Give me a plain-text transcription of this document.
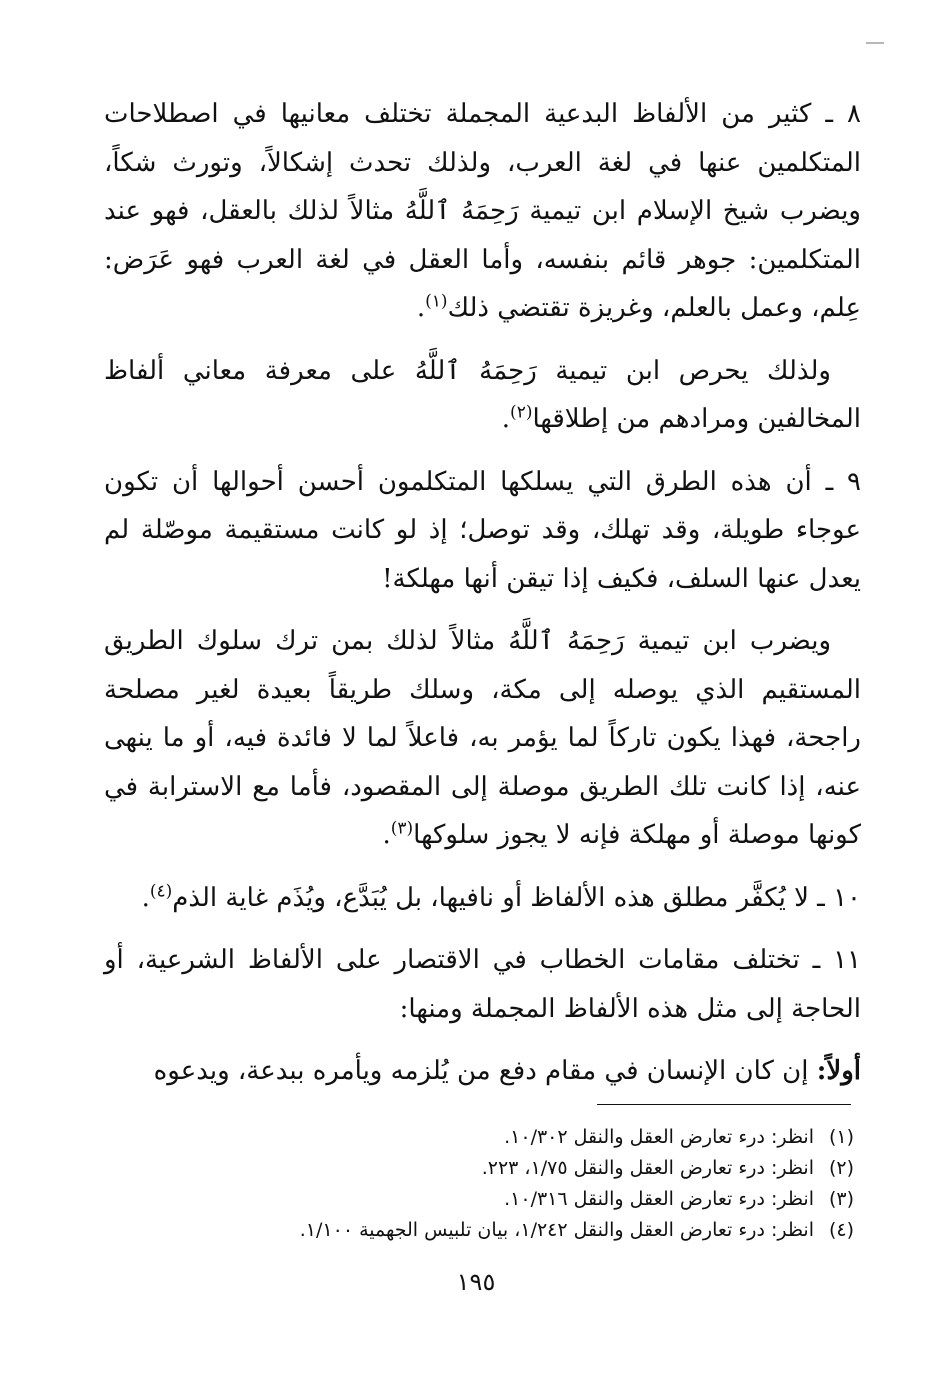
٨ ـ كثير من الألفاظ البدعية المجملة تختلف معانيها في اصطلاحات المتكلمين عنها في لغة العرب، ولذلك تحدث إشكالاً، وتورث شكاً، ويضرب شيخ الإسلام ابن تيمية رَحِمَهُ ٱللَّهُ مثالاً لذلك بالعقل، فهو عند المتكلمين: جوهر قائم بنفسه، وأما العقل في لغة العرب فهو عَرَض: عِلم، وعمل بالعلم، وغريزة تقتضي ذلك$^{(١)}$.

ولذلك يحرص ابن تيمية رَحِمَهُ ٱللَّهُ على معرفة معاني ألفاظ المخالفين ومرادهم من إطلاقها$^{(٢)}$.

٩ ـ أن هذه الطرق التي يسلكها المتكلمون أحسن أحوالها أن تكون عوجاء طويلة، وقد تهلك، وقد توصل؛ إذ لو كانت مستقيمة موصّلة لم يعدل عنها السلف، فكيف إذا تيقن أنها مهلكة!

ويضرب ابن تيمية رَحِمَهُ ٱللَّهُ مثالاً لذلك بمن ترك سلوك الطريق المستقيم الذي يوصله إلى مكة، وسلك طريقاً بعيدة لغير مصلحة راجحة، فهذا يكون تاركاً لما يؤمر به، فاعلاً لما لا فائدة فيه، أو ما ينهى عنه، إذا كانت تلك الطريق موصلة إلى المقصود، فأما مع الاسترابة في كونها موصلة أو مهلكة فإنه لا يجوز سلوكها$^{(٣)}$.

١٠ ـ لا يُكفَّر مطلق هذه الألفاظ أو نافيها، بل يُبَدَّع، ويُذَم غاية الذم$^{(٤)}$.

١١ ـ تختلف مقامات الخطاب في الاقتصار على الألفاظ الشرعية، أو الحاجة إلى مثل هذه الألفاظ المجملة ومنها:

أولاً: إن كان الإنسان في مقام دفع من يُلزمه ويأمره ببدعة، ويدعوه

(١)انظر: درء تعارض العقل والنقل ١٠/٣٠٢.
(٢)انظر: درء تعارض العقل والنقل ١/٧٥، ٢٢٣.
(٣)انظر: درء تعارض العقل والنقل ١٠/٣١٦.
(٤)انظر: درء تعارض العقل والنقل ١/٢٤٢، بيان تلبيس الجهمية ١/١٠٠.
١٩٥
